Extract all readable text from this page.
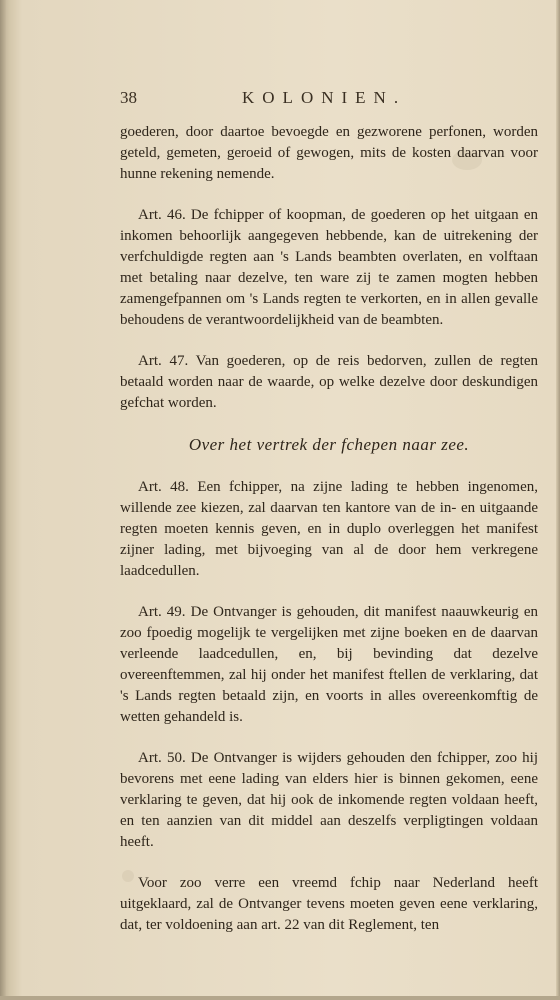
38	KOLONIEN.

goederen, door daartoe bevoegde en gezworene perfonen, worden geteld, gemeten, geroeid of gewogen, mits de kosten daarvan voor hunne rekening nemende.

Art. 46. De fchipper of koopman, de goederen op het uitgaan en inkomen behoorlijk aangegeven hebbende, kan de uitrekening der verfchuldigde regten aan 's Lands beambten overlaten, en volftaan met betaling naar dezelve, ten ware zij te zamen mogten hebben zamengefpannen om 's Lands regten te verkorten, en in allen gevalle behoudens de verantwoordelijkheid van de beambten.

Art. 47. Van goederen, op de reis bedorven, zullen de regten betaald worden naar de waarde, op welke dezelve door deskundigen gefchat worden.

Over het vertrek der fchepen naar zee.

Art. 48. Een fchipper, na zijne lading te hebben ingenomen, willende zee kiezen, zal daarvan ten kantore van de in- en uitgaande regten moeten kennis geven, en in duplo overleggen het manifest zijner lading, met bijvoeging van al de door hem verkregene laadcedullen.

Art. 49. De Ontvanger is gehouden, dit manifest naauwkeurig en zoo fpoedig mogelijk te vergelijken met zijne boeken en de daarvan verleende laadcedullen, en, bij bevinding dat dezelve overeenftemmen, zal hij onder het manifest ftellen de verklaring, dat 's Lands regten betaald zijn, en voorts in alles overeenkomftig de wetten gehandeld is.

Art. 50. De Ontvanger is wijders gehouden den fchipper, zoo hij bevorens met eene lading van elders hier is binnen gekomen, eene verklaring te geven, dat hij ook de inkomende regten voldaan heeft, en ten aanzien van dit middel aan deszelfs verpligtingen voldaan heeft.

Voor zoo verre een vreemd fchip naar Nederland heeft uitgeklaard, zal de Ontvanger tevens moeten geven eene verklaring, dat, ter voldoening aan art. 22 van dit Reglement, ten
